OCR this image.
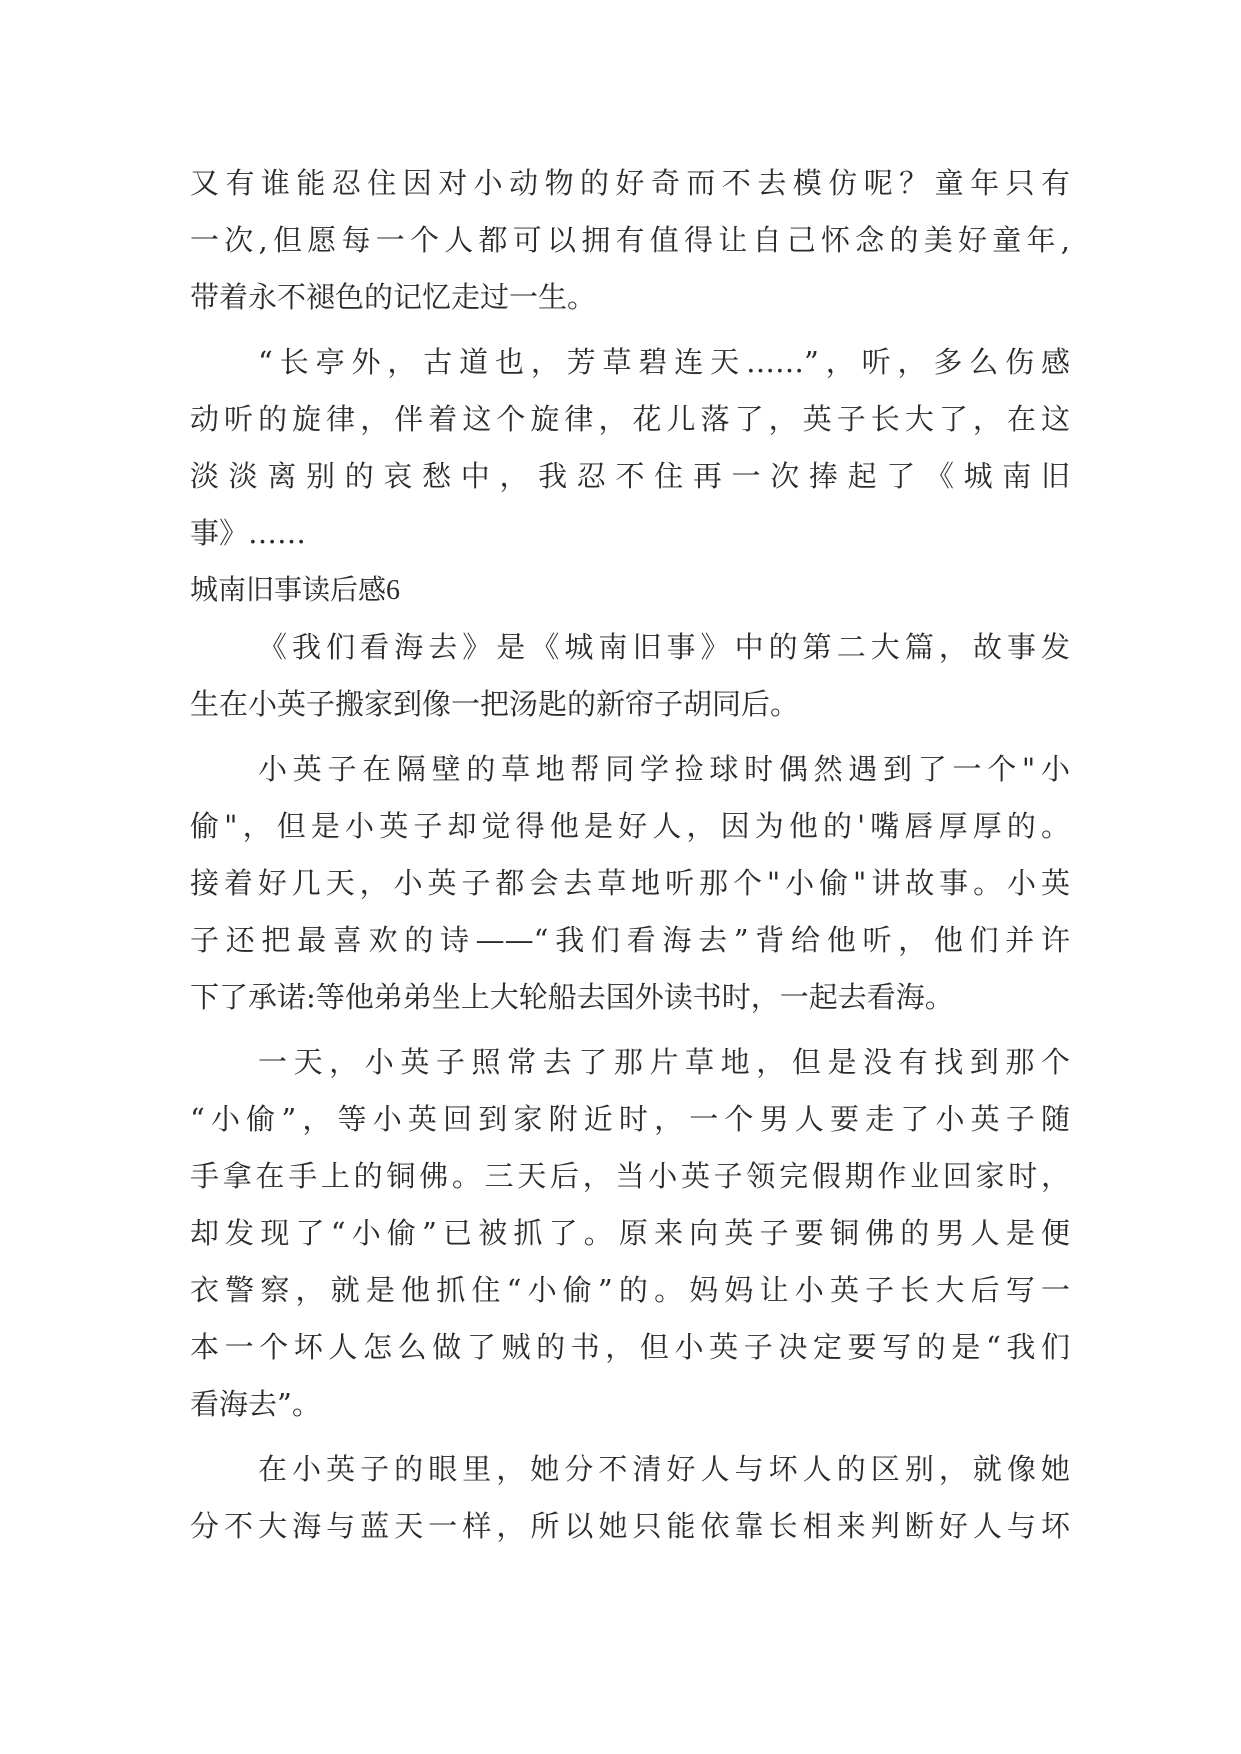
又有谁能忍住因对小动物的好奇而不去模仿呢？童年只有
一次,但愿每一个人都可以拥有值得让自己怀念的美好童年,
带着永不褪色的记忆走过一生。
“长亭外，古道也，芳草碧连天……”，听，多么伤感
动听的旋律，伴着这个旋律，花儿落了，英子长大了，在这
淡淡离别的哀愁中，我忍不住再一次捧起了《城南旧
事》……
城南旧事读后感6
《我们看海去》是《城南旧事》中的第二大篇，故事发
生在小英子搬家到像一把汤匙的新帘子胡同后。
小英子在隔壁的草地帮同学捡球时偶然遇到了一个"小
偷"，但是小英子却觉得他是好人，因为他的'嘴唇厚厚的。
接着好几天，小英子都会去草地听那个"小偷"讲故事。小英
子还把最喜欢的诗——“我们看海去”背给他听，他们并许
下了承诺:等他弟弟坐上大轮船去国外读书时，一起去看海。
一天，小英子照常去了那片草地，但是没有找到那个
“小偷”，等小英回到家附近时，一个男人要走了小英子随
手拿在手上的铜佛。三天后，当小英子领完假期作业回家时，
却发现了“小偷”已被抓了。原来向英子要铜佛的男人是便
衣警察，就是他抓住“小偷”的。妈妈让小英子长大后写一
本一个坏人怎么做了贼的书，但小英子决定要写的是“我们
看海去”。
在小英子的眼里，她分不清好人与坏人的区别，就像她
分不大海与蓝天一样，所以她只能依靠长相来判断好人与坏
